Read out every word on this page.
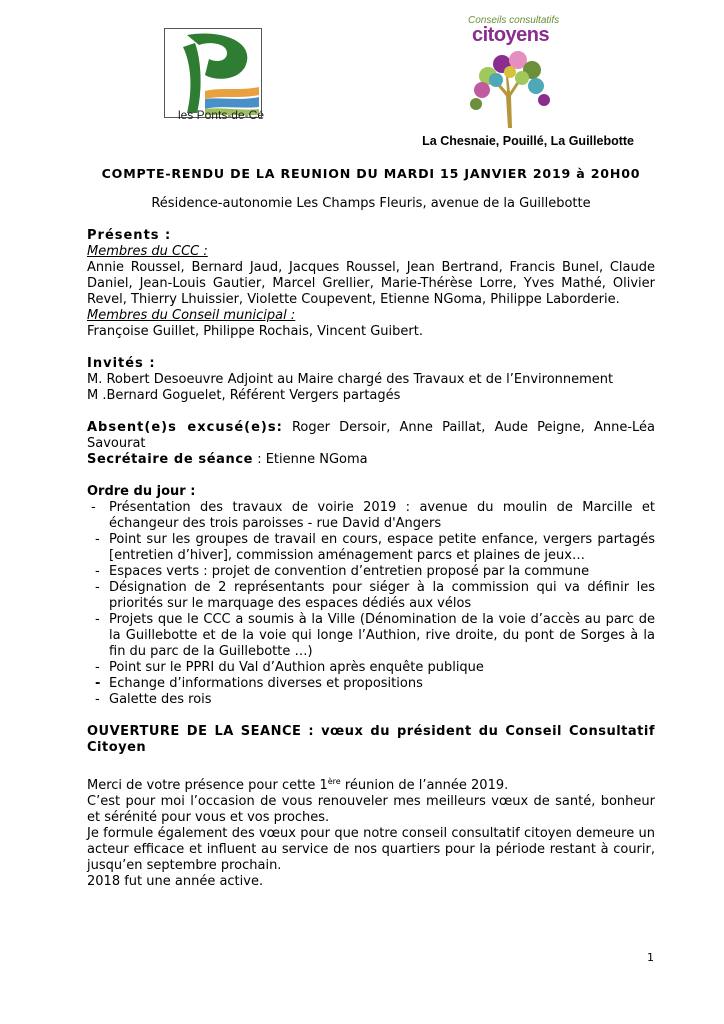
les Ponts-de-Cé
Conseils consultatifs
citoyens
La Chesnaie, Pouillé, La Guillebotte
COMPTE-RENDU DE LA REUNION DU MARDI 15 JANVIER 2019 à 20H00
Résidence-autonomie Les Champs Fleuris, avenue de la Guillebotte
Présents :
Membres du CCC :
Annie Roussel, Bernard Jaud, Jacques Roussel, Jean Bertrand, Francis Bunel, Claude Daniel, Jean-Louis Gautier, Marcel Grellier, Marie-Thérèse Lorre, Yves Mathé, Olivier Revel, Thierry Lhuissier, Violette Coupevent, Etienne NGoma, Philippe Laborderie.
Membres du Conseil municipal :
Françoise Guillet, Philippe Rochais, Vincent Guibert.
Invités :
M. Robert Desoeuvre Adjoint au Maire chargé des Travaux et de l’Environnement
M .Bernard Goguelet, Référent Vergers partagés
Absent(e)s excusé(e)s: Roger Dersoir, Anne Paillat, Aude Peigne, Anne-Léa Savourat
Secrétaire de séance : Etienne NGoma
Ordre du jour :
- Présentation des travaux de voirie 2019 : avenue du moulin de Marcille et échangeur des trois paroisses - rue David d'Angers
- Point sur les groupes de travail en cours, espace petite enfance, vergers partagés [entretien d’hiver], commission aménagement parcs et plaines de jeux…
- Espaces verts : projet de convention d’entretien proposé par la commune
- Désignation de 2 représentants pour siéger à la commission qui va définir les priorités sur le marquage des espaces dédiés aux vélos
- Projets que le CCC a soumis à la Ville (Dénomination de la voie d’accès au parc de la Guillebotte et de la voie qui longe l’Authion, rive droite, du pont de Sorges à la fin du parc de la Guillebotte …)
- Point sur le PPRI du Val d’Authion après enquête publique
- Echange d’informations diverses et propositions
- Galette des rois
OUVERTURE DE LA SEANCE : vœux du président du Conseil Consultatif Citoyen
Merci de votre présence pour cette 1ère réunion de l’année 2019.
C’est pour moi l’occasion de vous renouveler mes meilleurs vœux de santé, bonheur et sérénité pour vous et vos proches.
Je formule également des vœux pour que notre conseil consultatif citoyen demeure un acteur efficace et influent au service de nos quartiers pour la période restant à courir, jusqu’en septembre prochain.
2018 fut une année active.
1
